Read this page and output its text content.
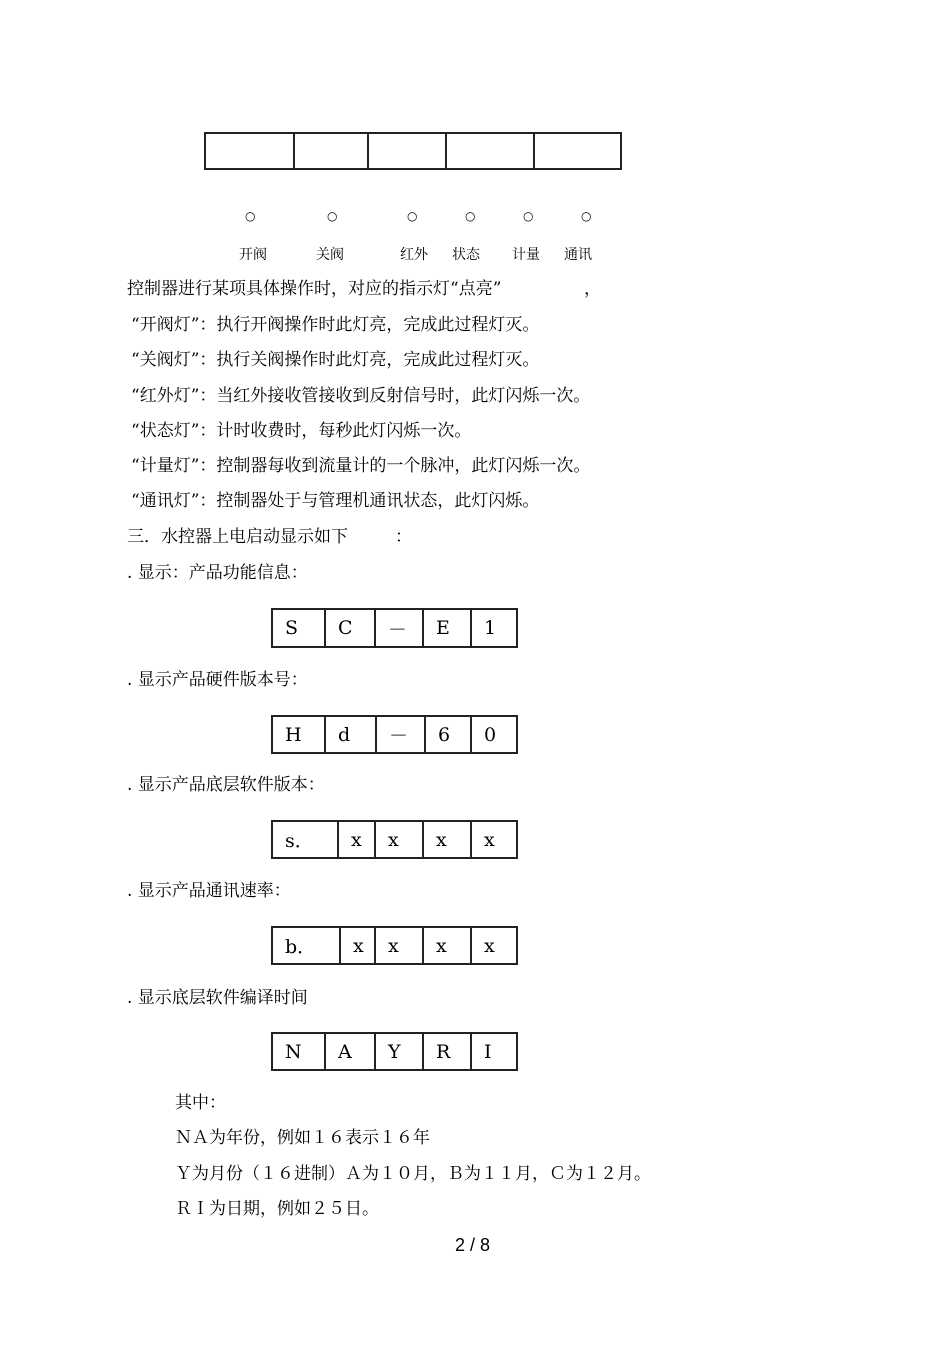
○	○	○	○	○	○
开阀	关阀	红外 状态 计量 通讯
控制器进行某项具体操作时，对应的指示灯“点亮”	，
“开阀灯”：执行开阀操作时此灯亮，完成此过程灯灭。
“关阀灯”：执行关阀操作时此灯亮，完成此过程灯灭。
“红外灯”：当红外接收管接收到反射信号时，此灯闪烁一次。
“状态灯”：计时收费时，每秒此灯闪烁一次。
“计量灯”：控制器每收到流量计的一个脉冲，此灯闪烁一次。
“通讯灯”：控制器处于与管理机通讯状态，此灯闪烁。
三．水控器上电启动显示如下	：
. 显示：产品功能信息：
S	C	－	E	1
. 显示产品硬件版本号：
H	d	－	6	0
. 显示产品底层软件版本：
s．	x	x	x	x
. 显示产品通讯速率：
b．	x	x	x	x
. 显示底层软件编译时间
N	A	Y	R	I
其中：
ＮＡ为年份，例如１６表示１６年
Ｙ为月份（１６进制）Ａ为１０月，Ｂ为１１月，Ｃ为１２月。
ＲＩ为日期，例如２５日。
2 / 8
